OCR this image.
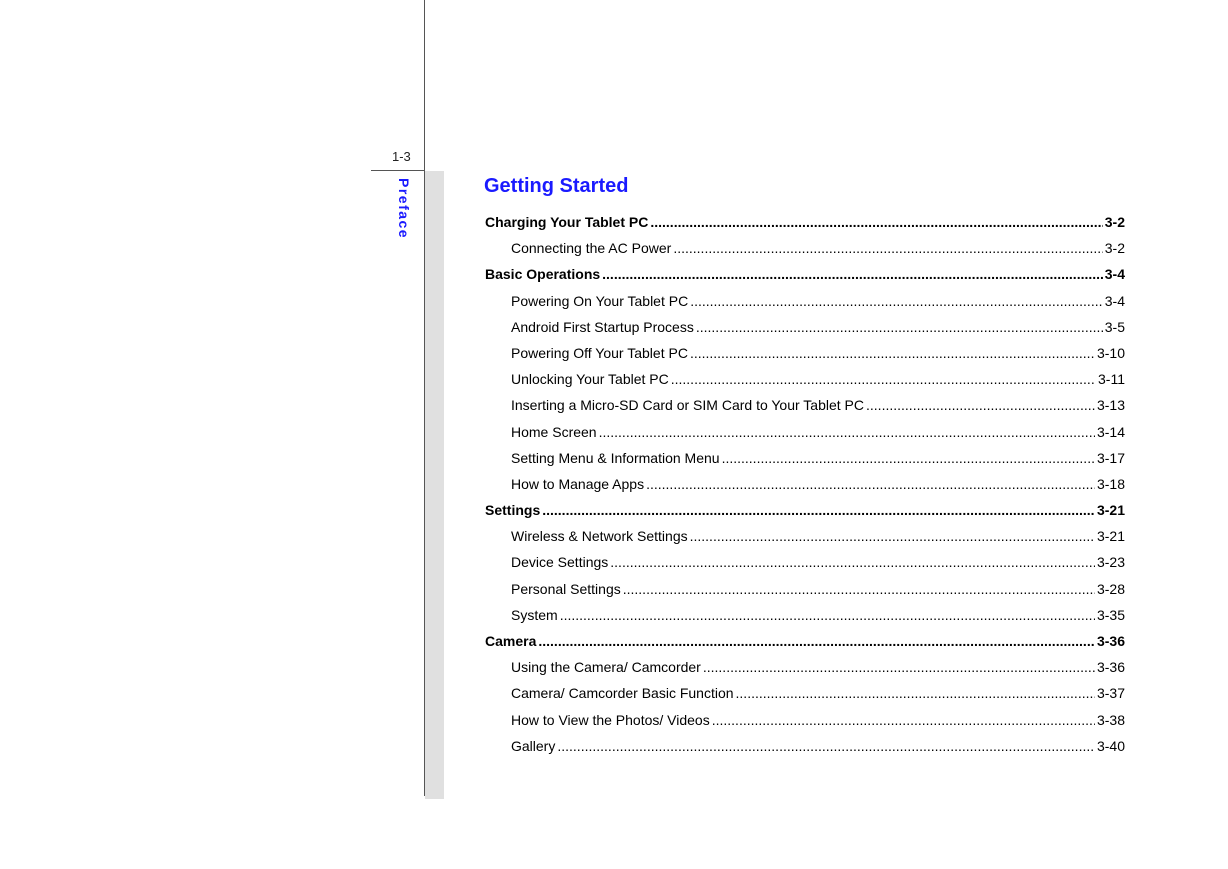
1-3
Preface	Getting Started
Charging Your Tablet PC .....	3-2
Connecting the AC Power .....	3-2
Basic Operations .....	3-4
Powering On Your Tablet PC .....	3-4
Android First Startup Process .....	3-5
Powering Off Your Tablet PC .....	3-10
Unlocking Your Tablet PC .....	3-11
Inserting a Micro-SD Card or SIM Card to Your Tablet PC .....	3-13
Home Screen .....	3-14
Setting Menu & Information Menu .....	3-17
How to Manage Apps .....	3-18
Settings .....	3-21
Wireless & Network Settings .....	3-21
Device Settings .....	3-23
Personal Settings .....	3-28
System .....	3-35
Camera .....	3-36
Using the Camera/ Camcorder .....	3-36
Camera/ Camcorder Basic Function .....	3-37
How to View the Photos/ Videos .....	3-38
Gallery .....	3-40
